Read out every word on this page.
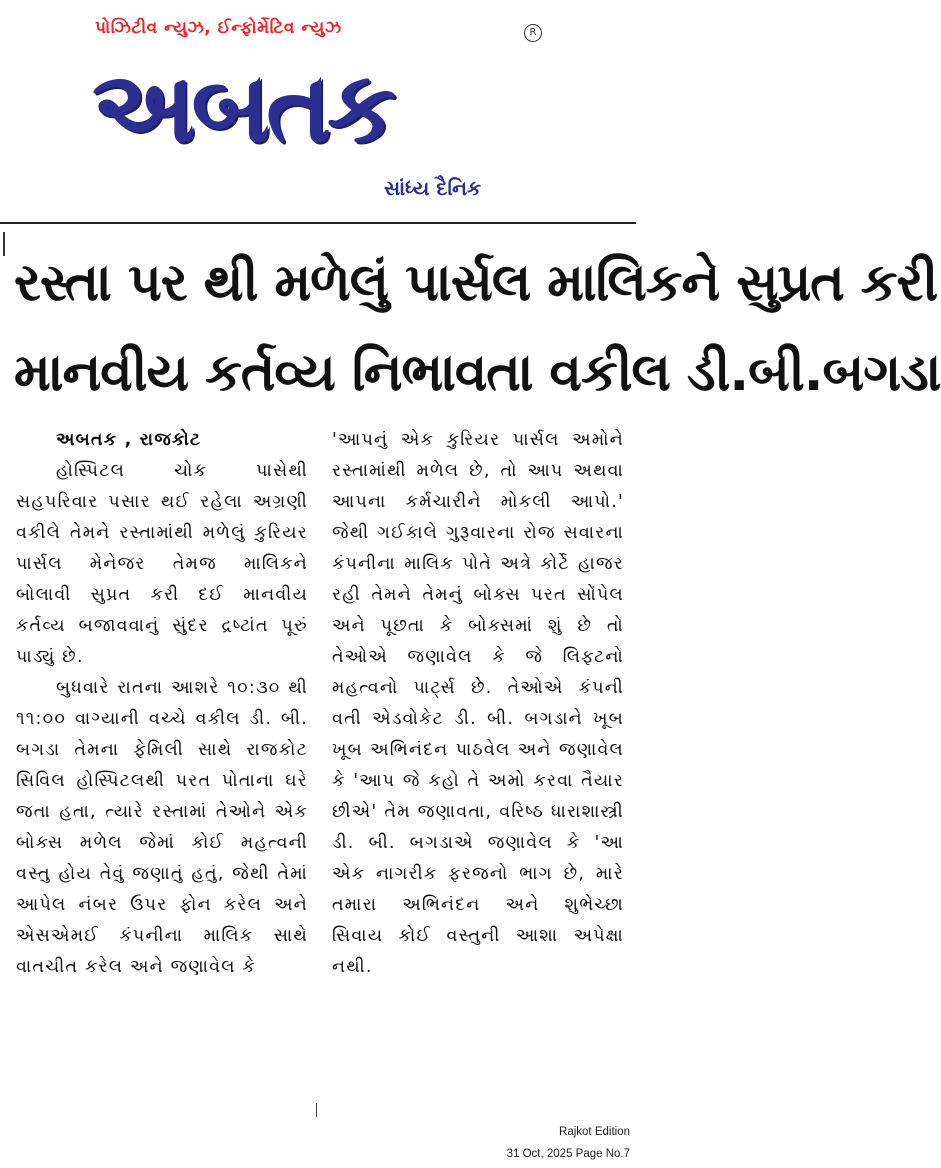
પોઝિટીવ ન્યુઝ, ઈન્ફોર્મેટિવ ન્યુઝ	R
અબતક
સાંધ્ય દૈનિક
રસ્તા પર થી મળેલું પાર્સલ માલિકને સુપ્રત કરી
માનવીય કર્તવ્ય નિભાવતા વકીલ ડી.બી.બગડા

અબતક , રાજકોટ

હોસ્પિટલ ચોક પાસેથી સહપરિવાર પસાર થઈ રહેલા અગ્રણી વકીલે તેમને રસ્તામાંથી મળેલું કુરિયર પાર્સલ મેનેજર તેમજ માલિકને બોલાવી સુપ્રત કરી દઈ માનવીય કર્તવ્ય બજાવવાનું સુંદર દ્રષ્ટાંત પૂરું પાડ્યું છે.

બુધવારે રાતના આશરે ૧૦:૩૦ થી ૧૧:૦૦ વાગ્યાની વચ્ચે વકીલ ડી. બી. બગડા તેમના ફેમિલી સાથે રાજકોટ સિવિલ હોસ્પિટલથી પરત પોતાના ઘરે જતા હતા, ત્યારે રસ્તામાં તેઓને એક બોક્સ મળેલ જેમાં કોઈ મહત્વની વસ્તુ હોય તેવું જણાતું હતું, જેથી તેમાં આપેલ નંબર ઉપર ફોન કરેલ અને એસએમઈ કંપનીના માલિક સાથે વાતચીત કરેલ અને જણાવેલ કે

'આપનું એક કુરિયર પાર્સલ અમોને રસ્તામાંથી મળેલ છે, તો આપ અથવા આપના કર્મચારીને મોકલી આપો.' જેથી ગઈકાલે ગુરૂવારના રોજ સવારના કંપનીના માલિક પોતે અત્રે કોર્ટે હાજર રહી તેમને તેમનું બોક્સ પરત સોંપેલ અને પૂછતા કે બોક્સમાં શું છે તો તેઓએ જણાવેલ કે જે લિફ્ટનો મહત્વનો પાર્ટ્સ છે. તેઓએ કંપની વતી એડવોકેટ ડી. બી. બગડાને ખૂબ ખૂબ અભિનંદન પાઠવેલ અને જણાવેલ કે 'આપ જે કહો તે અમો કરવા તૈયાર છીએ' તેમ જણાવતા, વરિષ્ઠ ધારાશાસ્ત્રી ડી. બી. બગડાએ જણાવેલ કે 'આ એક નાગરીક ફરજનો ભાગ છે, મારે તમારા અભિનંદન અને શુભેચ્છા સિવાય કોઈ વસ્તુની આશા અપેક્ષા નથી.

Rajkot Edition
31 Oct, 2025 Page No.7
